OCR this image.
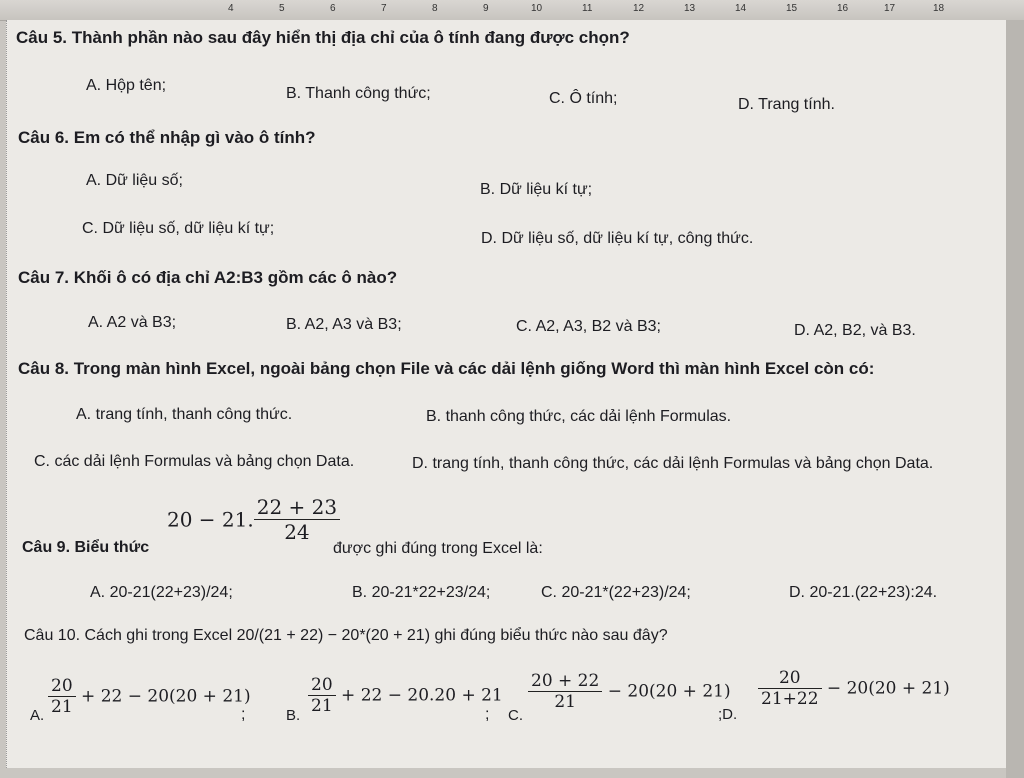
4	5	6	7	8	9	10	11	12	13	14	15	16	17	18
Câu 5. Thành phần nào sau đây hiển thị địa chỉ của ô tính đang được chọn?
A. Hộp tên;	B. Thanh công thức;	C. Ô tính;	D. Trang tính.
Câu 6. Em có thể nhập gì vào ô tính?
A. Dữ liệu số;
B. Dữ liệu kí tự;
C. Dữ liệu số, dữ liệu kí tự;
D. Dữ liệu số, dữ liệu kí tự, công thức.
Câu 7. Khối ô có địa chỉ A2:B3 gồm các ô nào?
A. A2 và B3;	B. A2, A3 và B3;	C. A2, A3, B2 và B3;	D. A2, B2, và B3.
Câu 8. Trong màn hình Excel, ngoài bảng chọn File và các dải lệnh giống Word thì màn hình Excel còn có:
A. trang tính, thanh công thức.	B. thanh công thức, các dải lệnh Formulas.
C. các dải lệnh Formulas và bảng chọn Data.	D. trang tính, thanh công thức, các dải lệnh Formulas và bảng chọn Data.
Câu 9. Biểu thức
20 − 21. $\frac{22 + 23}{24}$
được ghi đúng trong Excel là:
A. 20-21(22+23)/24;	B. 20-21*22+23/24;	C. 20-21*(22+23)/24;	D. 20-21.(22+23):24.
Câu 10. Cách ghi trong Excel 20/(21 + 22) − 20*(20 + 21) ghi đúng biểu thức nào sau đây?
A. $\frac{20}{21} + 22 - 20(20 + 21)$
;	B. $\frac{20}{21} + 22 - 20.20 + 21$
; C.
$\frac{20 + 22}{21} - 20(20 + 21)$
;D.
$\frac{20}{21+22} - 20(20 + 21)$
